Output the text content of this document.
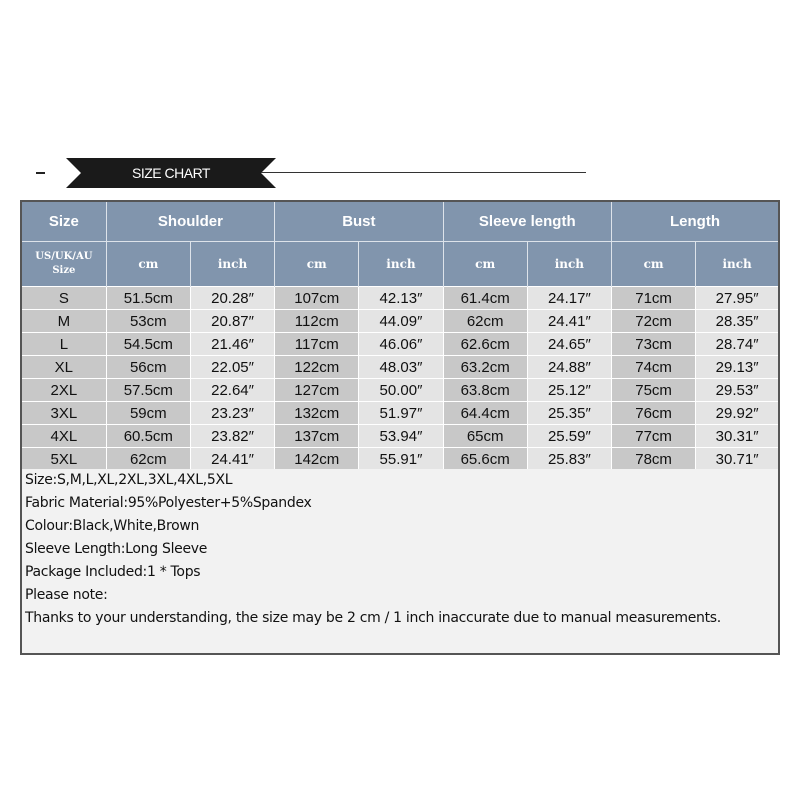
SIZE CHART
Size	Shoulder		Bust		Sleeve length		Length	
US/UK/AU
Size	cm	inch	cm	inch	cm	inch	cm	inch
S	51.5cm	20.28″	107cm	42.13″	61.4cm	24.17″	71cm	27.95″
M	53cm	20.87″	112cm	44.09″	62cm	24.41″	72cm	28.35″
L	54.5cm	21.46″	117cm	46.06″	62.6cm	24.65″	73cm	28.74″
XL	56cm	22.05″	122cm	48.03″	63.2cm	24.88″	74cm	29.13″
2XL	57.5cm	22.64″	127cm	50.00″	63.8cm	25.12″	75cm	29.53″
3XL	59cm	23.23″	132cm	51.97″	64.4cm	25.35″	76cm	29.92″
4XL	60.5cm	23.82″	137cm	53.94″	65cm	25.59″	77cm	30.31″
5XL	62cm	24.41″	142cm	55.91″	65.6cm	25.83″	78cm	30.71″
Size:S,M,L,XL,2XL,3XL,4XL,5XL
Fabric Material:95%Polyester+5%Spandex
Colour:Black,White,Brown
Sleeve Length:Long Sleeve
Package Included:1 * Tops
Please note:
Thanks to your understanding, the size may be 2 cm / 1 inch inaccurate due to manual measurements.
